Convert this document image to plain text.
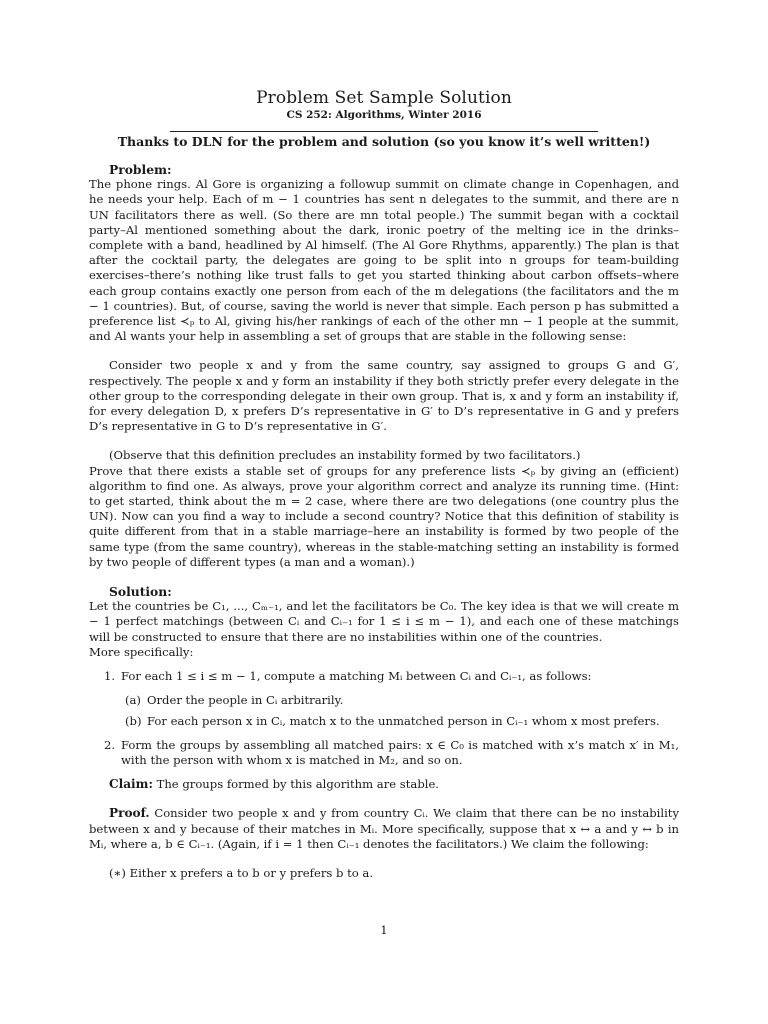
Problem Set Sample Solution
CS 252: Algorithms, Winter 2016
Thanks to DLN for the problem and solution (so you know it’s well written!)
Problem:

The phone rings. Al Gore is organizing a followup summit on climate change in Copenhagen, and he needs your help. Each of m − 1 countries has sent n delegates to the summit, and there are n UN facilitators there as well. (So there are mn total people.) The summit began with a cocktail party–Al mentioned something about the dark, ironic poetry of the melting ice in the drinks–complete with a band, headlined by Al himself. (The Al Gore Rhythms, apparently.) The plan is that after the cocktail party, the delegates are going to be split into n groups for team-building exercises–there’s nothing like trust falls to get you started thinking about carbon offsets–where each group contains exactly one person from each of the m delegations (the facilitators and the m − 1 countries). But, of course, saving the world is never that simple. Each person p has submitted a preference list ≺ₚ to Al, giving his/her rankings of each of the other mn − 1 people at the summit, and Al wants your help in assembling a set of groups that are stable in the following sense:

Consider two people x and y from the same country, say assigned to groups G and G′, respectively. The people x and y form an instability if they both strictly prefer every delegate in the other group to the corresponding delegate in their own group. That is, x and y form an instability if, for every delegation D, x prefers D’s representative in G′ to D’s representative in G and y prefers D’s representative in G to D’s representative in G′.

(Observe that this definition precludes an instability formed by two facilitators.)

Prove that there exists a stable set of groups for any preference lists ≺ₚ by giving an (efficient) algorithm to find one. As always, prove your algorithm correct and analyze its running time. (Hint: to get started, think about the m = 2 case, where there are two delegations (one country plus the UN). Now can you find a way to include a second country? Notice that this definition of stability is quite different from that in a stable marriage–here an instability is formed by two people of the same type (from the same country), whereas in the stable-matching setting an instability is formed by two people of different types (a man and a woman).)

Solution:

Let the countries be C₁, ..., Cₘ₋₁, and let the facilitators be C₀. The key idea is that we will create m − 1 perfect matchings (between Cᵢ and Cᵢ₋₁ for 1 ≤ i ≤ m − 1), and each one of these matchings will be constructed to ensure that there are no instabilities within one of the countries.

More specifically:

1. For each 1 ≤ i ≤ m − 1, compute a matching Mᵢ between Cᵢ and Cᵢ₋₁, as follows:
(a) Order the people in Cᵢ arbitrarily.
(b) For each person x in Cᵢ, match x to the unmatched person in Cᵢ₋₁ whom x most prefers.
2. Form the groups by assembling all matched pairs: x ∈ C₀ is matched with x’s match x′ in M₁, with the person with whom x is matched in M₂, and so on.
Claim: The groups formed by this algorithm are stable.

Proof. Consider two people x and y from country Cᵢ. We claim that there can be no instability between x and y because of their matches in Mᵢ. More specifically, suppose that x ↔ a and y ↔ b in Mᵢ, where a, b ∈ Cᵢ₋₁. (Again, if i = 1 then Cᵢ₋₁ denotes the facilitators.) We claim the following:

(∗) Either x prefers a to b or y prefers b to a.
1
